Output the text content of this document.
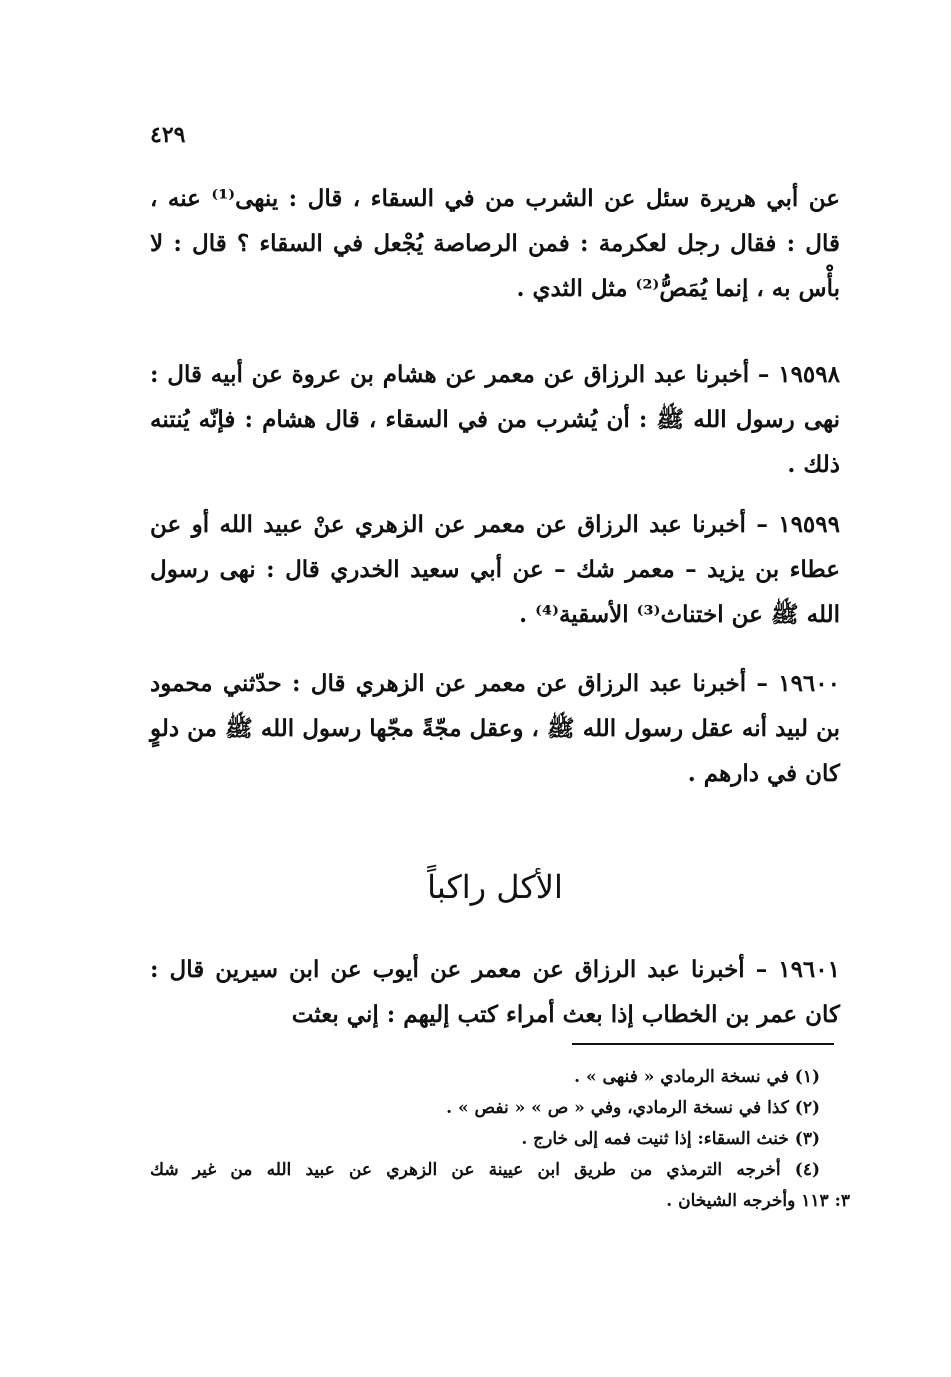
٤٢٩

عن أبي هريرة سئل عن الشرب من في السقاء ، قال : ينهى⁽¹⁾ عنه ، قال : فقال رجل لعكرمة : فمن الرصاصة يُجْعل في السقاء ؟ قال : لا بأْس به ، إنما يُمَصُّ⁽²⁾ مثل الثدي .

١٩٥٩٨ – أخبرنا عبد الرزاق عن معمر عن هشام بن عروة عن أبيه قال : نهى رسول الله ﷺ : أن يُشرب من في السقاء ، قال هشام : فإنّه يُنتنه ذلك .

١٩٥٩٩ – أخبرنا عبد الرزاق عن معمر عن الزهري عنْ عبيد الله أو عن عطاء بن يزيد – معمر شك – عن أبي سعيد الخدري قال : نهى رسول الله ﷺ عن اختناث⁽³⁾ الأسقية⁽⁴⁾ .

١٩٦٠٠ – أخبرنا عبد الرزاق عن معمر عن الزهري قال : حدّثني محمود بن لبيد أنه عقل رسول الله ﷺ ، وعقل مجّةً مجّها رسول الله ﷺ من دلوٍ كان في دارهم .

الأكل راكباً

١٩٦٠١ – أخبرنا عبد الرزاق عن معمر عن أيوب عن ابن سيرين قال : كان عمر بن الخطاب إذا بعث أمراء كتب إليهم : إني بعثت

(١) في نسخة الرمادي « فنهى » .

(٢) كذا في نسخة الرمادي، وفي « ص » « نفص » .

(٣) خنث السقاء: إذا ثنيت فمه إلى خارج .

(٤) أخرجه الترمذي من طريق ابن عيينة عن الزهري عن عبيد الله من غير شك

٣: ١١٣ وأخرجه الشيخان .
